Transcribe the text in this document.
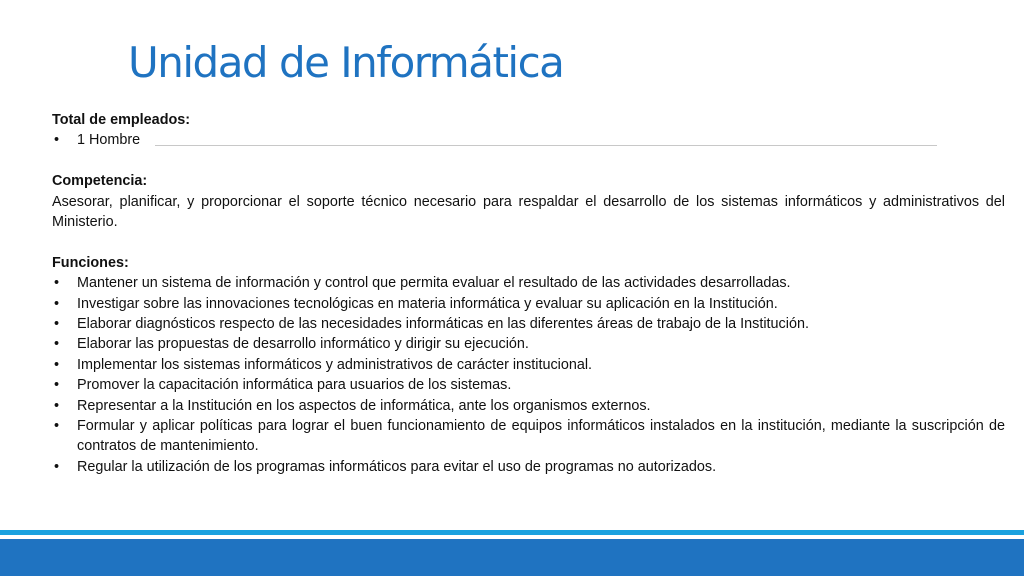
Unidad de Informática
Total de empleados:
• 1 Hombre
Competencia:
Asesorar, planificar, y proporcionar el soporte técnico necesario para respaldar el desarrollo de los sistemas informáticos y administrativos del Ministerio.
Funciones:
• Mantener un sistema de información y control que permita evaluar el resultado de las actividades desarrolladas.
• Investigar sobre las innovaciones tecnológicas en materia informática y evaluar su aplicación en la Institución.
• Elaborar diagnósticos respecto de las necesidades informáticas en las diferentes áreas de trabajo de la Institución.
• Elaborar las propuestas de desarrollo informático y dirigir su ejecución.
• Implementar los sistemas informáticos y administrativos de carácter institucional.
• Promover la capacitación informática para usuarios de los sistemas.
• Representar a la Institución en los aspectos de informática, ante los organismos externos.
• Formular y aplicar políticas para lograr el buen funcionamiento de equipos informáticos instalados en la institución, mediante la suscripción de contratos de mantenimiento.
• Regular la utilización de los programas informáticos para evitar el uso de programas no autorizados.
